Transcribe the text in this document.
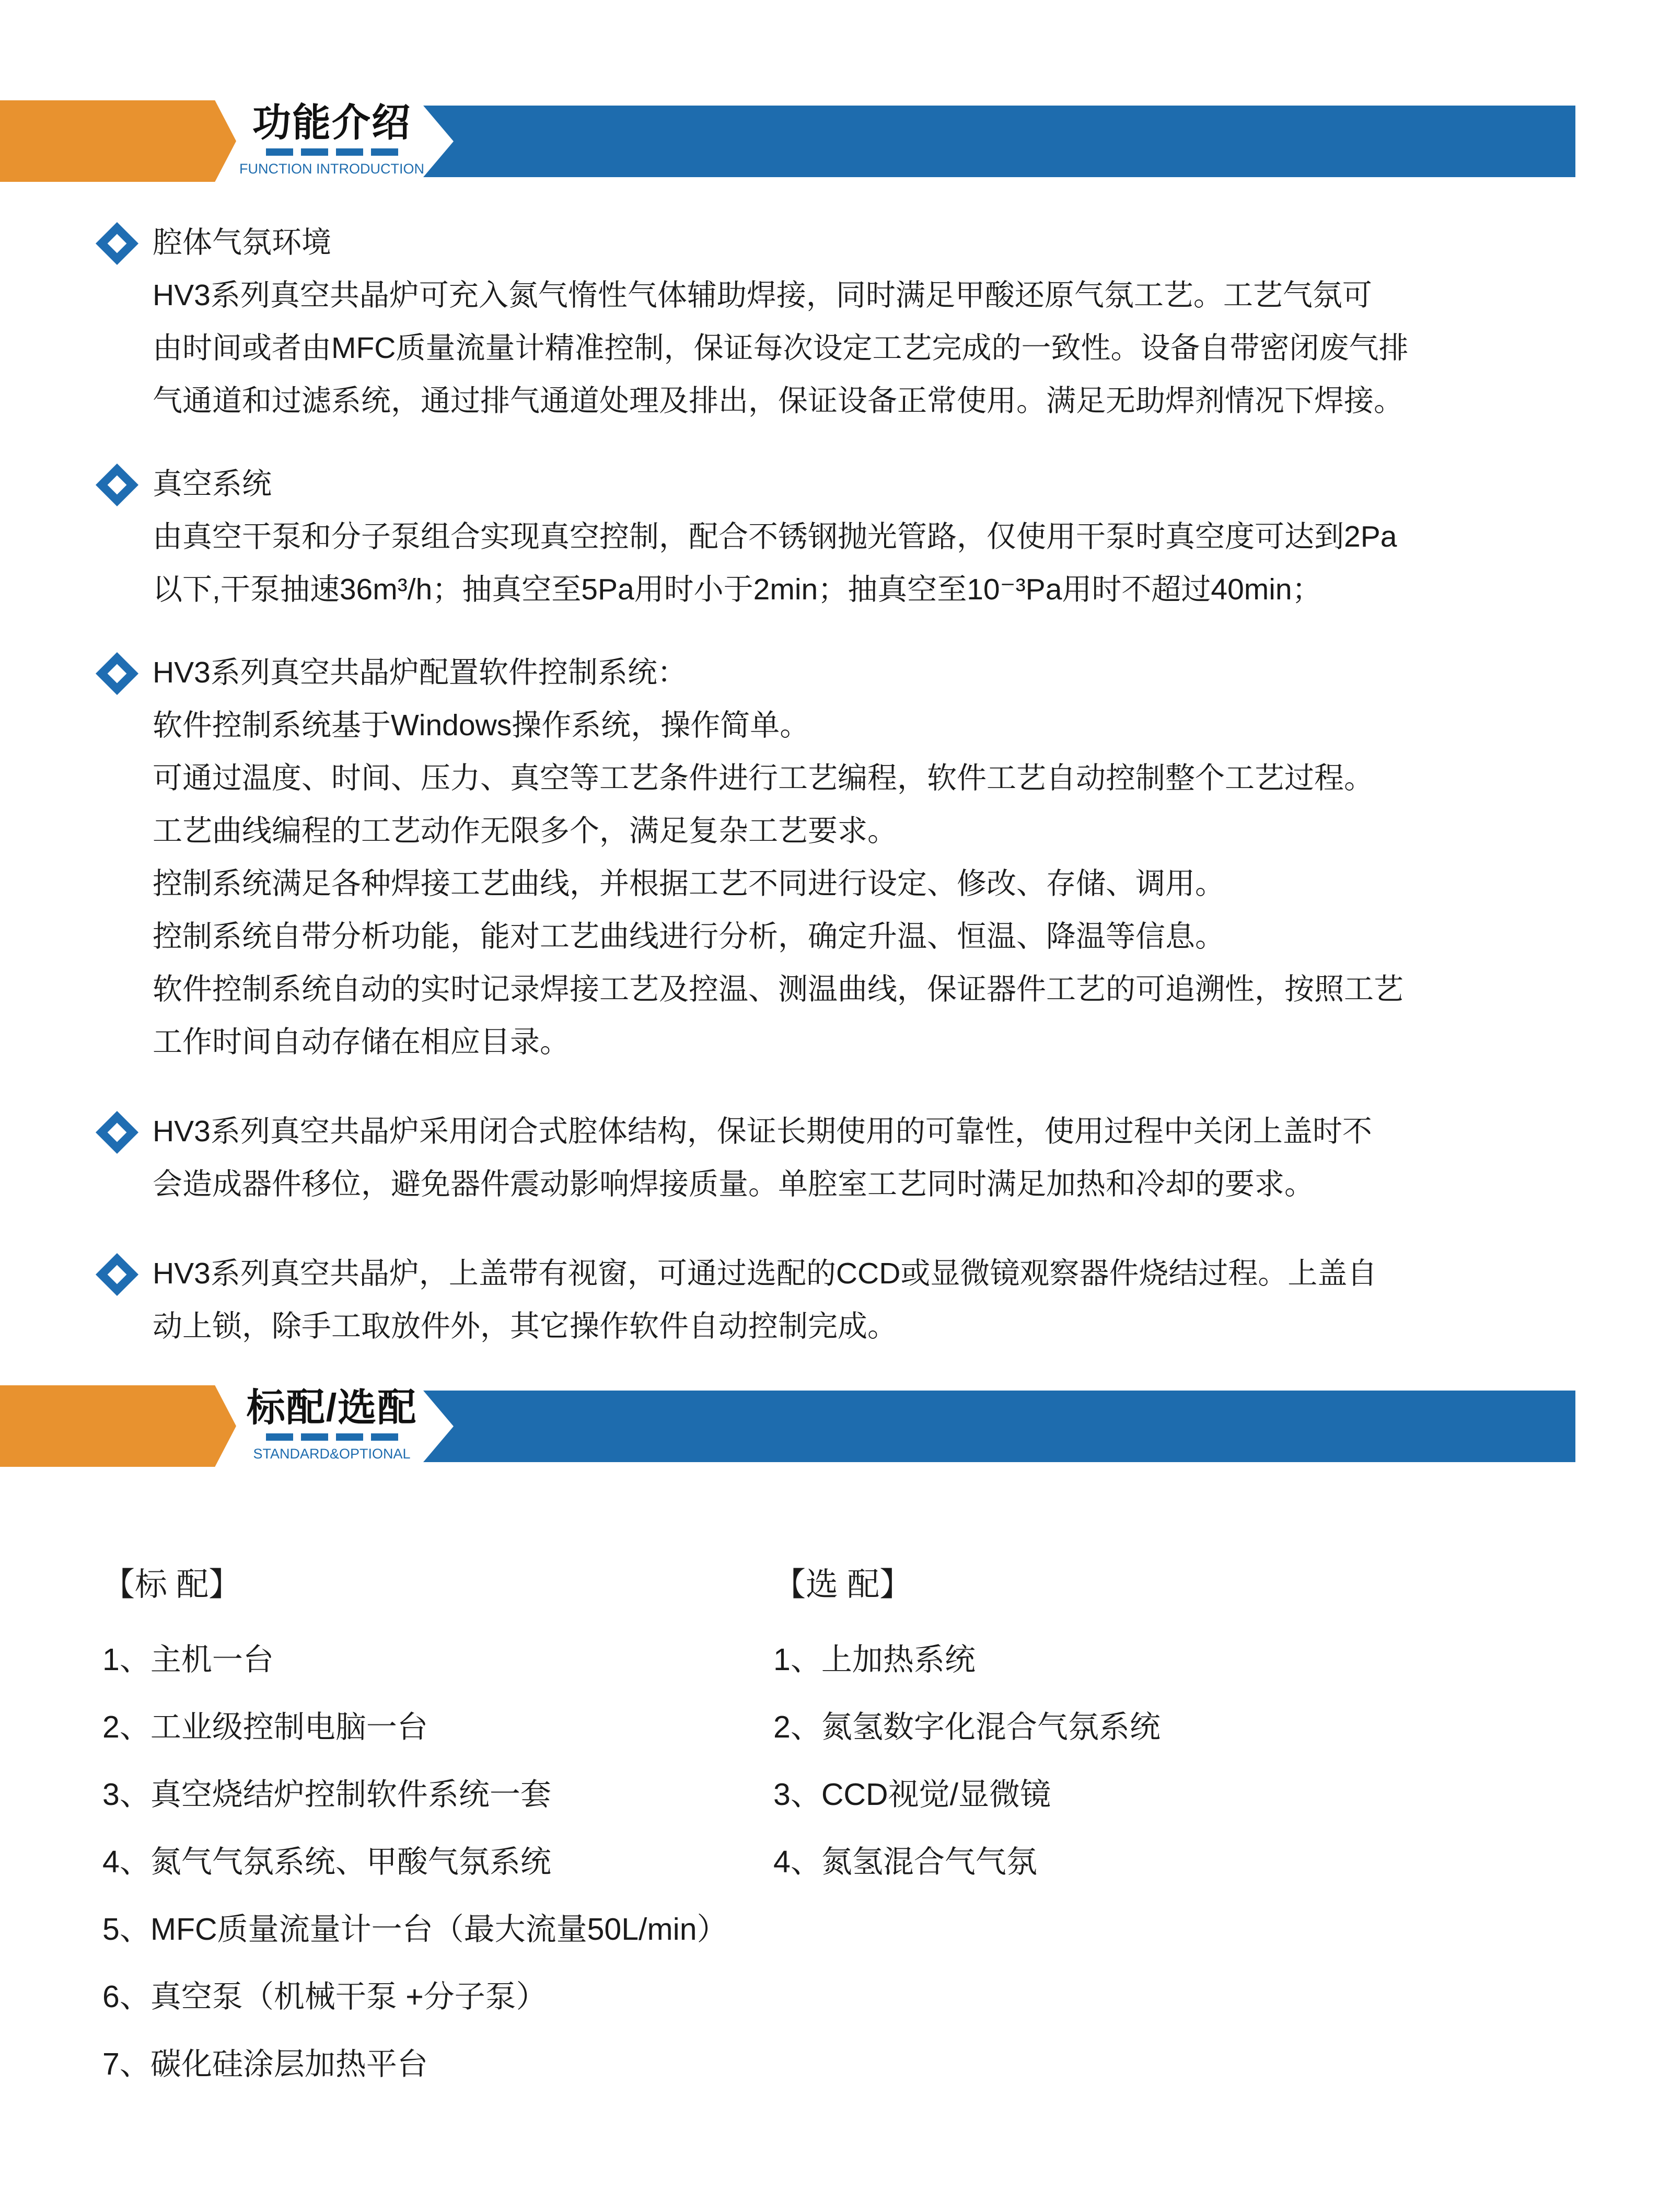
功能介绍
FUNCTION INTRODUCTION
腔体气氛环境

HV3系列真空共晶炉可充入氮气惰性气体辅助焊接，同时满足甲酸还原气氛工艺。工艺气氛可

由时间或者由MFC质量流量计精准控制，保证每次设定工艺完成的一致性。设备自带密闭废气排

气通道和过滤系统，通过排气通道处理及排出，保证设备正常使用。满足无助焊剂情况下焊接。

真空系统

由真空干泵和分子泵组合实现真空控制，配合不锈钢抛光管路，仅使用干泵时真空度可达到2Pa

以下,干泵抽速36m³/h；抽真空至5Pa用时小于2min；抽真空至10⁻³Pa用时不超过40min；

HV3系列真空共晶炉配置软件控制系统：

软件控制系统基于Windows操作系统，操作简单。

可通过温度、时间、压力、真空等工艺条件进行工艺编程，软件工艺自动控制整个工艺过程。

工艺曲线编程的工艺动作无限多个，满足复杂工艺要求。

控制系统满足各种焊接工艺曲线，并根据工艺不同进行设定、修改、存储、调用。

控制系统自带分析功能，能对工艺曲线进行分析，确定升温、恒温、降温等信息。

软件控制系统自动的实时记录焊接工艺及控温、测温曲线，保证器件工艺的可追溯性，按照工艺

工作时间自动存储在相应目录。

HV3系列真空共晶炉采用闭合式腔体结构，保证长期使用的可靠性，使用过程中关闭上盖时不

会造成器件移位，避免器件震动影响焊接质量。单腔室工艺同时满足加热和冷却的要求。

HV3系列真空共晶炉，上盖带有视窗，可通过选配的CCD或显微镜观察器件烧结过程。上盖自

动上锁，除手工取放件外，其它操作软件自动控制完成。

标配/选配
STANDARD&OPTIONAL
【标 配】

1、主机一台

2、工业级控制电脑一台

3、真空烧结炉控制软件系统一套

4、氮气气氛系统、甲酸气氛系统

5、MFC质量流量计一台（最大流量50L/min）

6、真空泵（机械干泵 +分子泵）

7、碳化硅涂层加热平台

【选 配】

1、上加热系统

2、氮氢数字化混合气氛系统

3、CCD视觉/显微镜

4、氮氢混合气气氛
